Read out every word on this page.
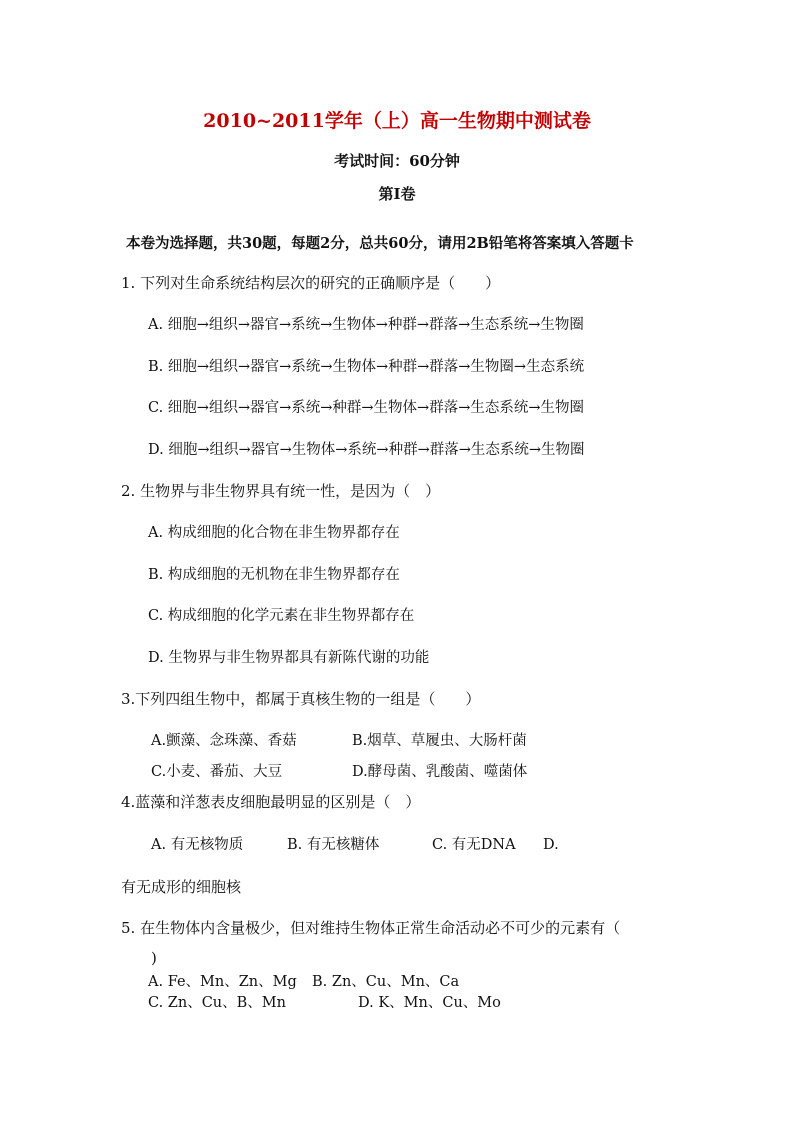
2010~2011学年（上）高一生物期中测试卷
考试时间：60分钟
第I卷
本卷为选择题，共30题，每题2分，总共60分，请用2B铅笔将答案填入答题卡
1. 下列对生命系统结构层次的研究的正确顺序是（　　）
A. 细胞→组织→器官→系统→生物体→种群→群落→生态系统→生物圈
B. 细胞→组织→器官→系统→生物体→种群→群落→生物圈→生态系统
C. 细胞→组织→器官→系统→种群→生物体→群落→生态系统→生物圈
D. 细胞→组织→器官→生物体→系统→种群→群落→生态系统→生物圈
2. 生物界与非生物界具有统一性，是因为（　）
A. 构成细胞的化合物在非生物界都存在
B. 构成细胞的无机物在非生物界都存在
C. 构成细胞的化学元素在非生物界都存在
D. 生物界与非生物界都具有新陈代谢的功能
3.下列四组生物中，都属于真核生物的一组是（　　）
A.颤藻、念珠藻、香菇	B.烟草、草履虫、大肠杆菌
C.小麦、番茄、大豆	D.酵母菌、乳酸菌、噬菌体
4.蓝藻和洋葱表皮细胞最明显的区别是（　）
A. 有无核物质	B. 有无核糖体	C. 有无DNA D.
有无成形的细胞核
5. 在生物体内含量极少，但对维持生物体正常生命活动必不可少的元素有（
)
A. Fe、Mn、Zn、Mg B. Zn、Cu、Mn、Ca
C. Zn、Cu、B、Mn	D. K、Mn、Cu、Mo
